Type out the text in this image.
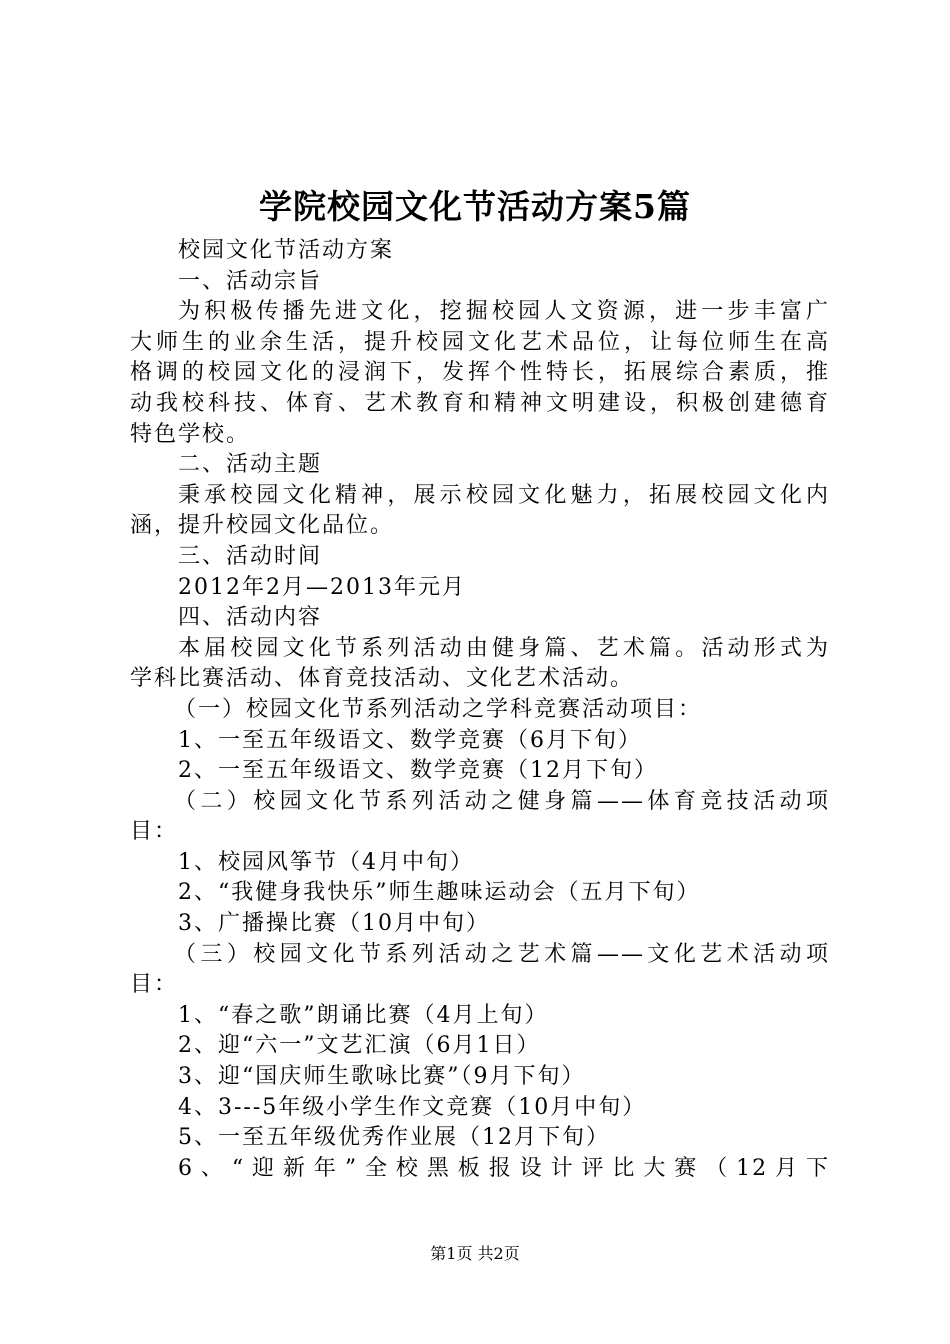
学院校园文化节活动方案5篇
校园文化节活动方案
一、活动宗旨
为积极传播先进文化，挖掘校园人文资源，进一步丰富广
大师生的业余生活，提升校园文化艺术品位，让每位师生在高
格调的校园文化的浸润下，发挥个性特长，拓展综合素质，推
动我校科技、体育、艺术教育和精神文明建设，积极创建德育
特色学校。
二、活动主题
秉承校园文化精神，展示校园文化魅力，拓展校园文化内
涵，提升校园文化品位。
三、活动时间
2012年2月—2013年元月
四、活动内容
本届校园文化节系列活动由健身篇、艺术篇。活动形式为
学科比赛活动、体育竞技活动、文化艺术活动。
（一）校园文化节系列活动之学科竞赛活动项目：
1、一至五年级语文、数学竞赛（6月下旬）
2、一至五年级语文、数学竞赛（12月下旬）
（二）校园文化节系列活动之健身篇——体育竞技活动项
目：
1、校园风筝节（4月中旬）
2、“我健身我快乐”师生趣味运动会（五月下旬）
3、广播操比赛（10月中旬）
（三）校园文化节系列活动之艺术篇——文化艺术活动项
目：
1、“春之歌”朗诵比赛（4月上旬）
2、迎“六一”文艺汇演（6月1日）
3、迎“国庆师生歌咏比赛”（9月下旬）
4、3---5年级小学生作文竞赛（10月中旬）
5、一至五年级优秀作业展（12月下旬）
6、“迎新年”全校黑板报设计评比大赛（12月下
第1页 共2页
